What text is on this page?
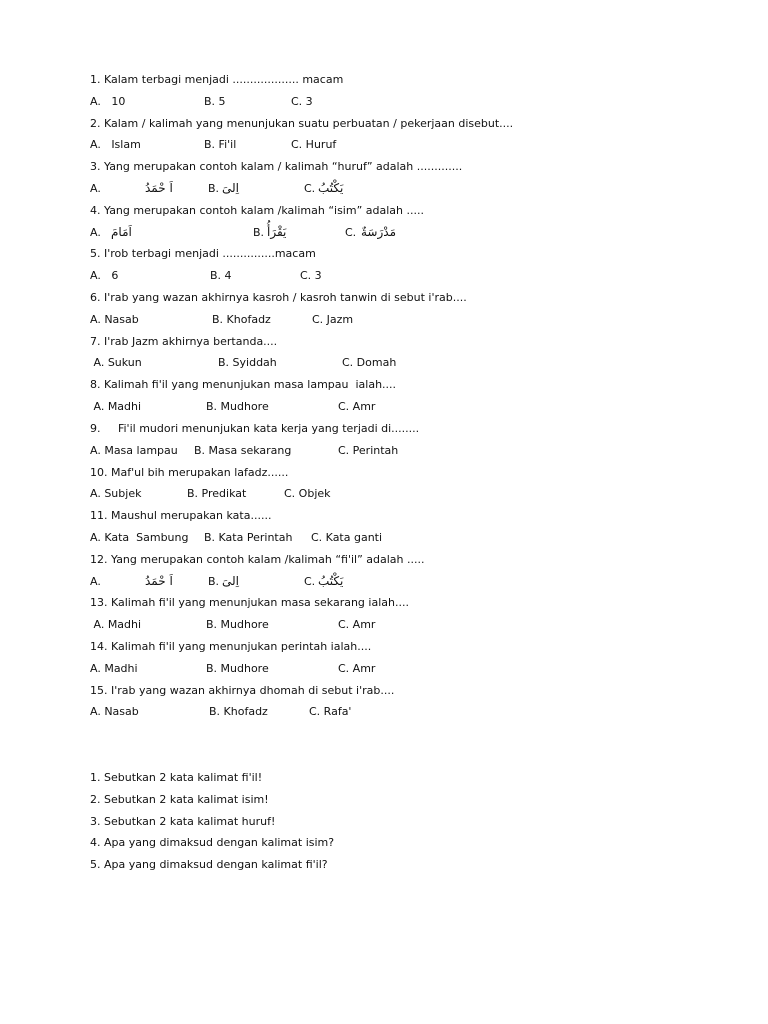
1. Kalam terbagi menjadi ................... macam
A.   10	B. 5	C. 3
2. Kalam / kalimah yang menunjukan suatu perbuatan / pekerjaan disebut....
A.   Islam	B. Fi'il	C. Huruf
3. Yang merupakan contoh kalam / kalimah “huruf” adalah .............
A.	اَ حْمَدُ	B. اِلىَ	C. يَكْتُبُ
4. Yang merupakan contoh kalam /kalimah “isim” adalah .....
A. اَمَامَ	B. يَقْرَأُ	C. مَدْرَسَةٌ
5. I'rob terbagi menjadi ...............macam
A.   6	B. 4	C. 3
6. I'rab yang wazan akhirnya kasroh / kasroh tanwin di sebut i'rab....
A. Nasab	B. Khofadz	C. Jazm
7. I'rab Jazm akhirnya bertanda....
A. Sukun	B. Syiddah	C. Domah
8. Kalimah fi'il yang menunjukan masa lampau  ialah....
A. Madhi	B. Mudhore	C. Amr
9.     Fi'il mudori menunjukan kata kerja yang terjadi di........
A. Masa lampau B. Masa sekarang	C. Perintah
10. Maf'ul bih merupakan lafadz......
A. Subjek	B. Predikat	C. Objek
11. Maushul merupakan kata......
A. Kata  Sambung B. Kata Perintah C. Kata ganti
12. Yang merupakan contoh kalam /kalimah “fi'il” adalah .....
A.	اَ حْمَدُ	B. اِلىَ	C. يَكْتُبُ
13. Kalimah fi'il yang menunjukan masa sekarang ialah....
A. Madhi	B. Mudhore	C. Amr
14. Kalimah fi'il yang menunjukan perintah ialah....
A. Madhi	B. Mudhore	C. Amr
15. I'rab yang wazan akhirnya dhomah di sebut i'rab....
A. Nasab	B. Khofadz	C. Rafa'
1. Sebutkan 2 kata kalimat fi'il!
2. Sebutkan 2 kata kalimat isim!
3. Sebutkan 2 kata kalimat huruf!
4. Apa yang dimaksud dengan kalimat isim?
5. Apa yang dimaksud dengan kalimat fi'il?
